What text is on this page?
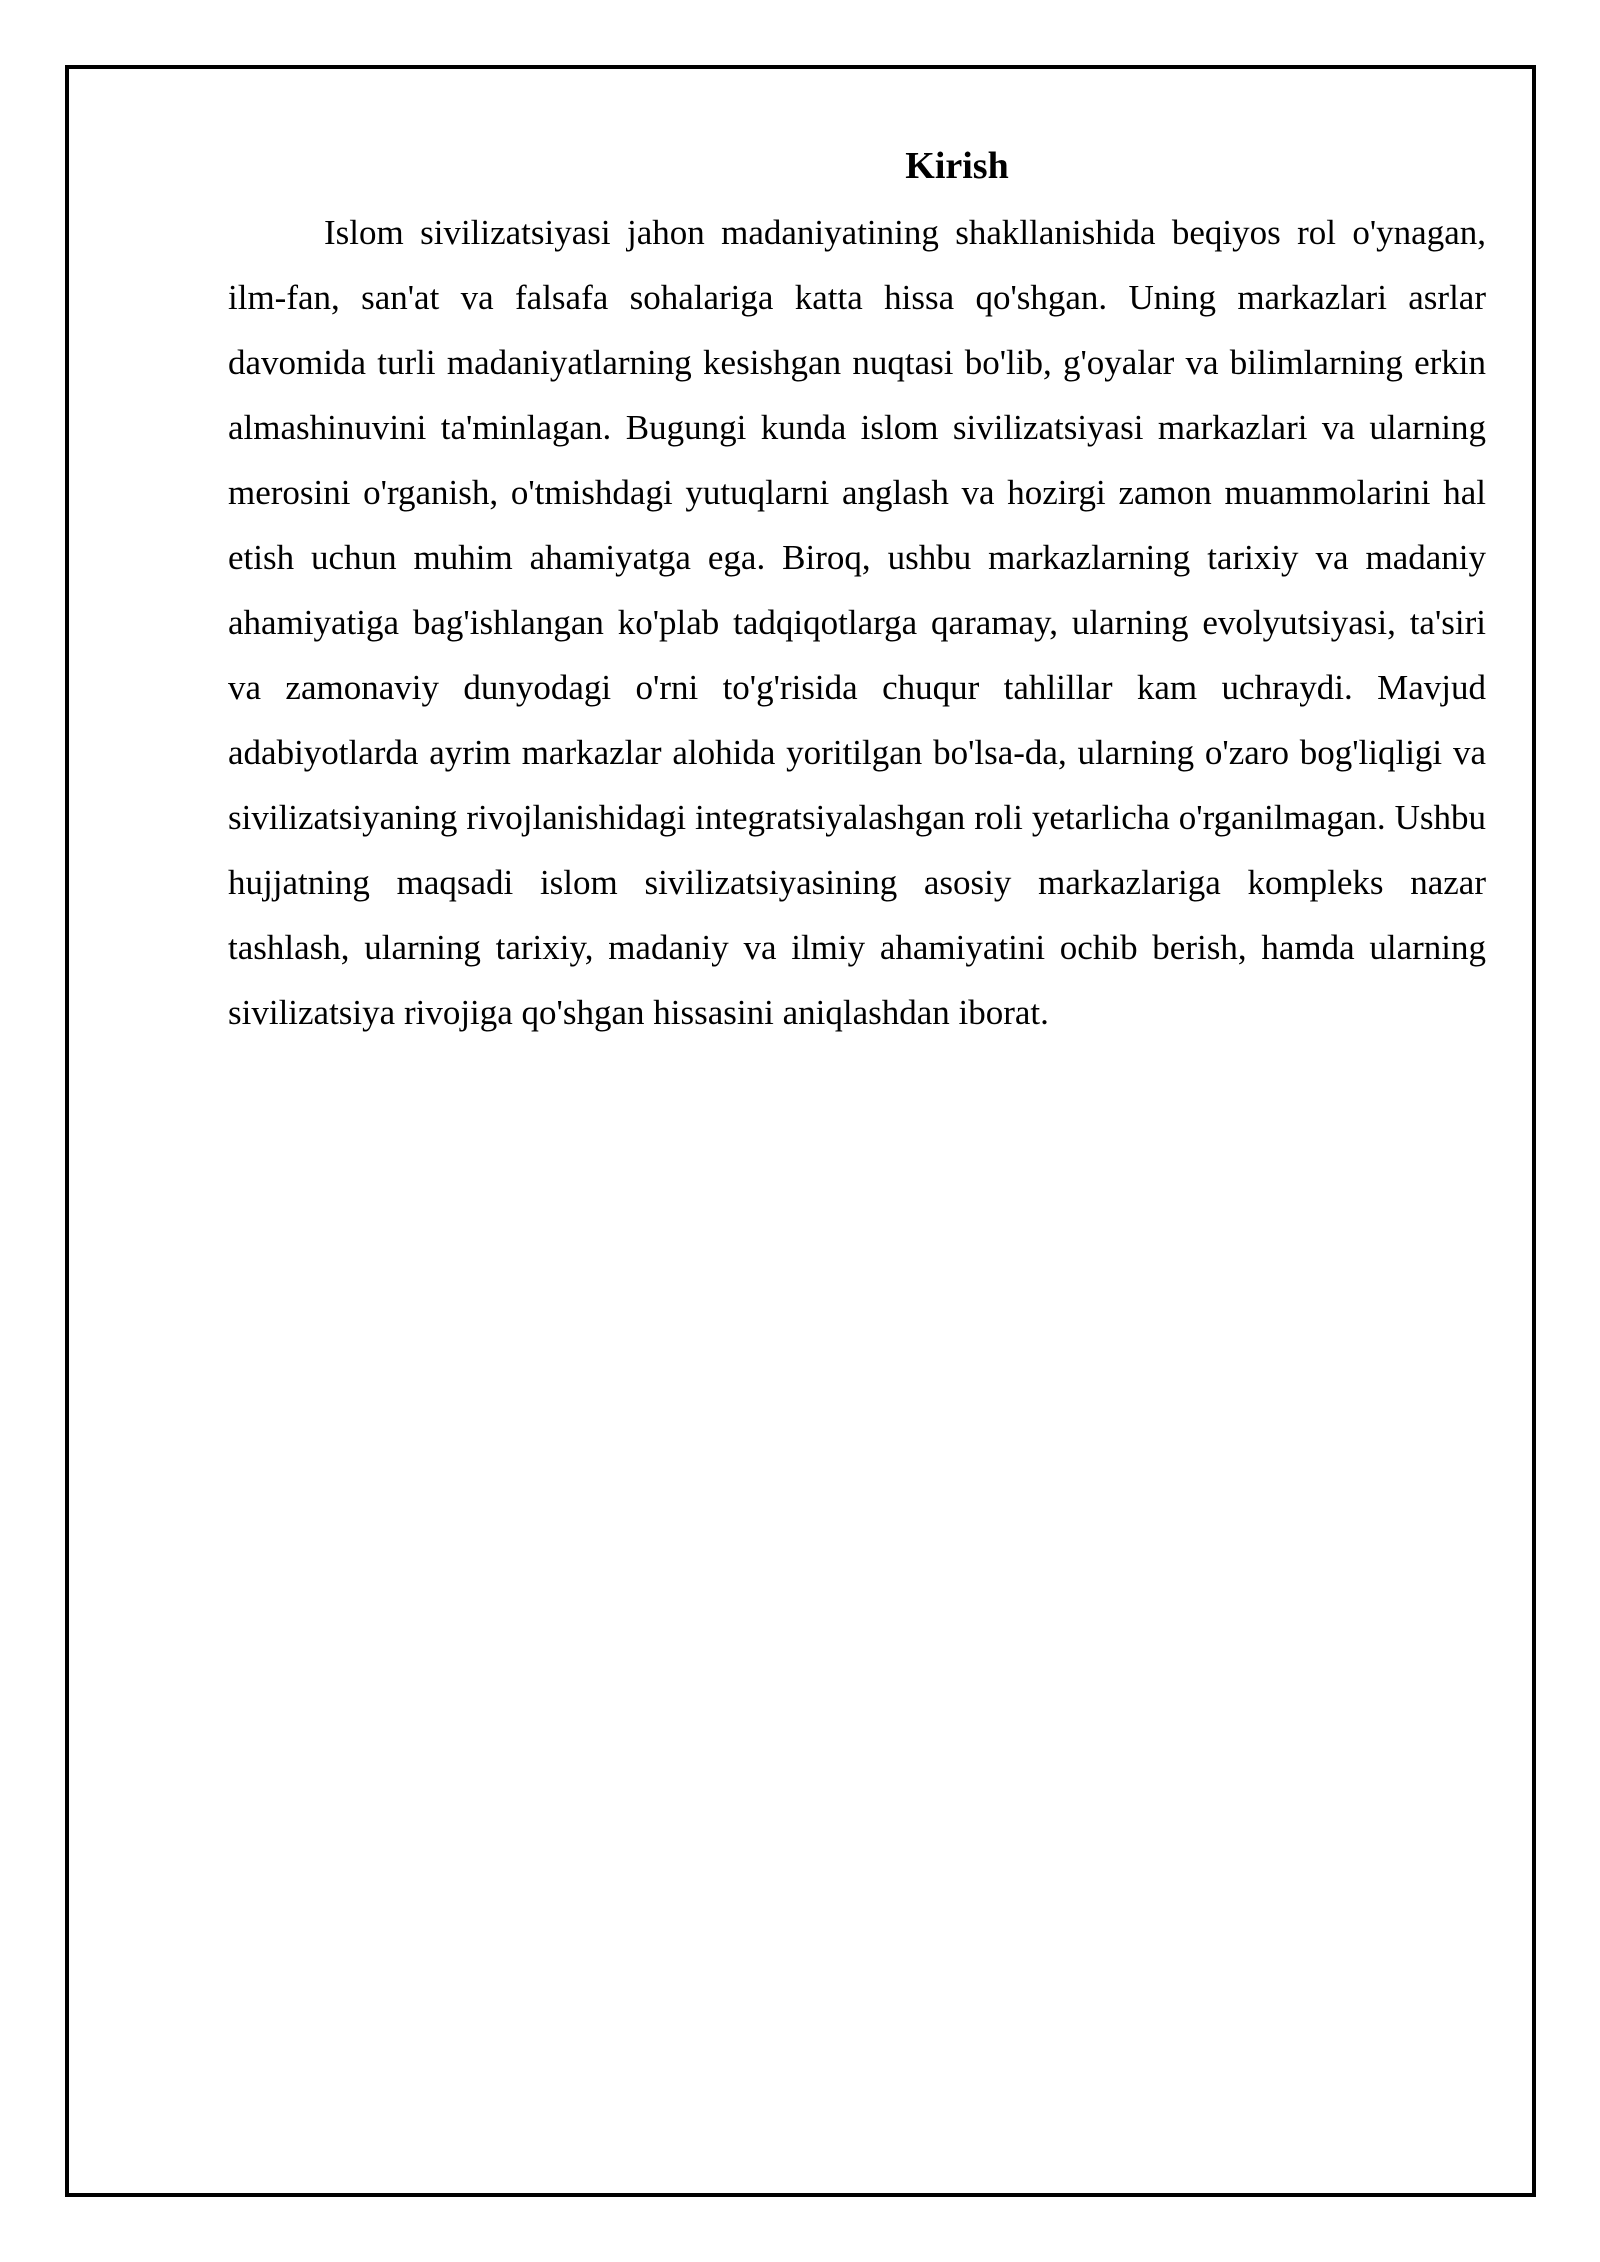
Kirish

Islom sivilizatsiyasi jahon madaniyatining shakllanishida beqiyos rol o'ynagan, ilm-fan, san'at va falsafa sohalariga katta hissa qo'shgan. Uning markazlari asrlar davomida turli madaniyatlarning kesishgan nuqtasi bo'lib, g'oyalar va bilimlarning erkin almashinuvini ta'minlagan. Bugungi kunda islom sivilizatsiyasi markazlari va ularning merosini o'rganish, o'tmishdagi yutuqlarni anglash va hozirgi zamon muammolarini hal etish uchun muhim ahamiyatga ega. Biroq, ushbu markazlarning tarixiy va madaniy ahamiyatiga bag'ishlangan ko'plab tadqiqotlarga qaramay, ularning evolyutsiyasi, ta'siri va zamonaviy dunyodagi o'rni to'g'risida chuqur tahlillar kam uchraydi. Mavjud adabiyotlarda ayrim markazlar alohida yoritilgan bo'lsa-da, ularning o'zaro bog'liqligi va sivilizatsiyaning rivojlanishidagi integratsiyalashgan roli yetarlicha o'rganilmagan. Ushbu hujjatning maqsadi islom sivilizatsiyasining asosiy markazlariga kompleks nazar tashlash, ularning tarixiy, madaniy va ilmiy ahamiyatini ochib berish, hamda ularning sivilizatsiya rivojiga qo'shgan hissasini aniqlashdan iborat.
